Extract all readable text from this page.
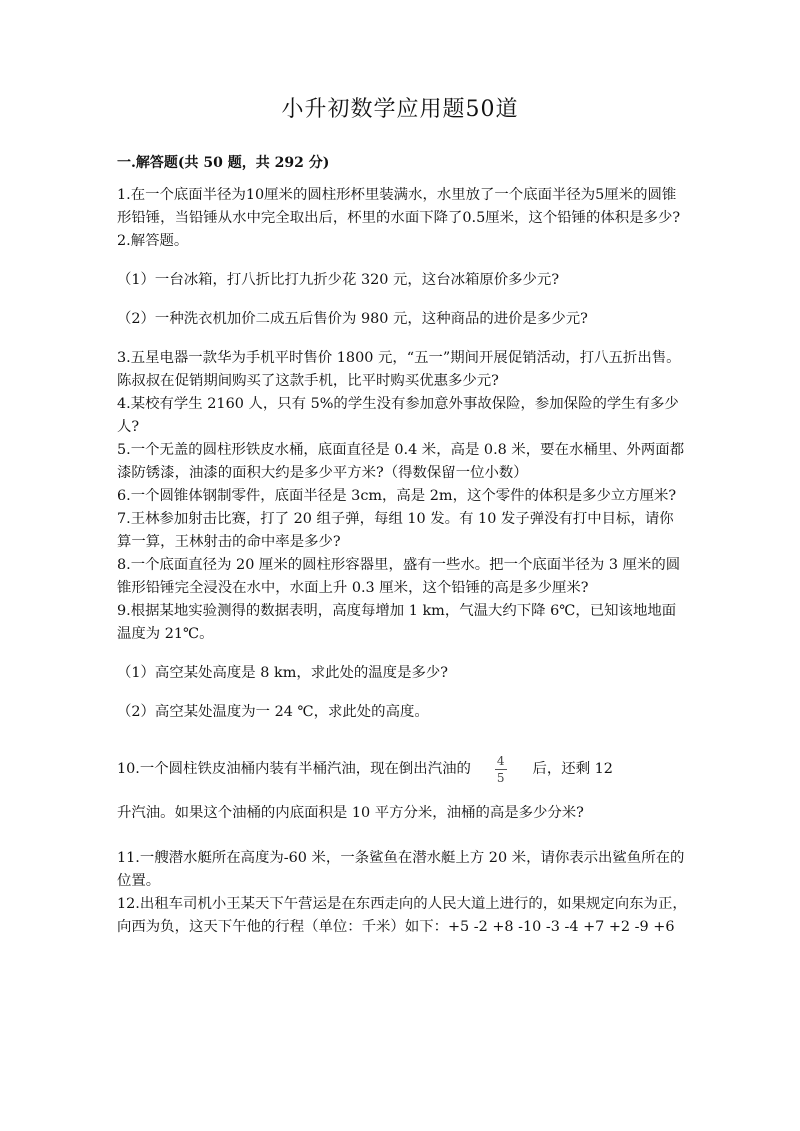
小升初数学应用题50道
一.解答题(共 50 题，共 292 分)

1.在一个底面半径为10厘米的圆柱形杯里装满水，水里放了一个底面半径为5厘米的圆锥形铅锤，当铅锤从水中完全取出后，杯里的水面下降了0.5厘米，这个铅锤的体积是多少?

2.解答题。

（1）一台冰箱，打八折比打九折少花 320 元，这台冰箱原价多少元?

（2）一种洗衣机加价二成五后售价为 980 元，这种商品的进价是多少元?

3.五星电器一款华为手机平时售价 1800 元，“五一”期间开展促销活动，打八五折出售。陈叔叔在促销期间购买了这款手机，比平时购买优惠多少元?

4.某校有学生 2160 人，只有 5%的学生没有参加意外事故保险，参加保险的学生有多少人?

5.一个无盖的圆柱形铁皮水桶，底面直径是 0.4 米，高是 0.8 米，要在水桶里、外两面都漆防锈漆，油漆的面积大约是多少平方米?（得数保留一位小数）

6.一个圆锥体钢制零件，底面半径是 3cm，高是 2m，这个零件的体积是多少立方厘米?

7.王林参加射击比赛，打了 20 组子弹，每组 10 发。有 10 发子弹没有打中目标，请你算一算，王林射击的命中率是多少?

8.一个底面直径为 20 厘米的圆柱形容器里，盛有一些水。把一个底面半径为 3 厘米的圆锥形铅锤完全浸没在水中，水面上升 0.3 厘米，这个铅锤的高是多少厘米?

9.根据某地实验测得的数据表明，高度每增加 1 km，气温大约下降 6℃，已知该地地面温度为 21℃。

（1）高空某处高度是 8 km，求此处的温度是多少?

（2）高空某处温度为一 24 ℃，求此处的高度。

10.一个圆柱铁皮油桶内装有半桶汽油，现在倒出汽油的 $\frac{4}{5}$ 后，还剩 12

升汽油。如果这个油桶的内底面积是 10 平方分米，油桶的高是多少分米?

11.一艘潜水艇所在高度为-60 米，一条鲨鱼在潜水艇上方 20 米，请你表示出鲨鱼所在的位置。

12.出租车司机小王某天下午营运是在东西走向的人民大道上进行的，如果规定向东为正，向西为负，这天下午他的行程（单位：千米）如下：+5 -2 +8 -10 -3 -4 +7 +2 -9 +6
